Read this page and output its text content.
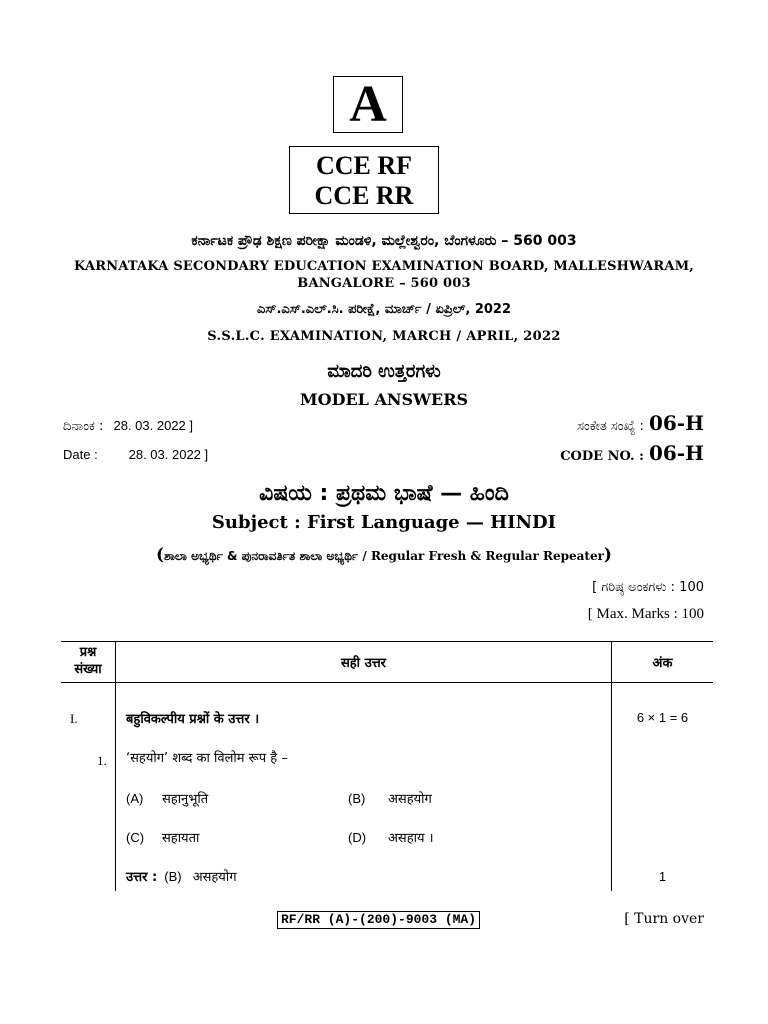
A
CCE RF
CCE RR
ಕರ್ನಾಟಕ ಪ್ರೌಢ ಶಿಕ್ಷಣ ಪರೀಕ್ಷಾ ಮಂಡಳಿ, ಮಲ್ಲೇಶ್ವರಂ, ಬೆಂಗಳೂರು – 560 003
KARNATAKA SECONDARY EDUCATION EXAMINATION BOARD, MALLESHWARAM,
BANGALORE – 560 003
ಎಸ್.ಎಸ್.ಎಲ್.ಸಿ. ಪರೀಕ್ಷೆ, ಮಾರ್ಚ್ / ಏಪ್ರಿಲ್, 2022
S.S.L.C. EXAMINATION, MARCH / APRIL, 2022
ಮಾದರಿ ಉತ್ತರಗಳು
MODEL ANSWERS
ದಿನಾಂಕ : 28. 03. 2022 ]
Date : 28. 03. 2022 ]
ಸಂಕೇತ ಸಂಖ್ಯೆ : 06-H
CODE NO. : 06-H
ವಿಷಯ : ಪ್ರಥಮ ಭಾಷೆ — ಹಿಂದಿ
Subject : First Language — HINDI
(ಶಾಲಾ ಅಭ್ಯರ್ಥಿ & ಪುನರಾವರ್ತಿತ ಶಾಲಾ ಅಭ್ಯರ್ಥಿ / Regular Fresh & Regular Repeater)
[ ಗರಿಷ್ಠ ಅಂಕಗಳು : 100
[ Max. Marks : 100
प्रश्न
संख्या	सही उत्तर	अंक
I.	बहुविकल्पीय प्रश्नों के उत्तर ।	6 × 1 = 6
1. ‘सहयोग’ शब्द का विलोम रूप है –
(A) सहानुभूति	(B) असहयोग
(C) सहायता	(D) असहाय ।
उत्तर : (B) असहयोग	1
RF/RR (A)-(200)-9003 (MA)	[ Turn over
